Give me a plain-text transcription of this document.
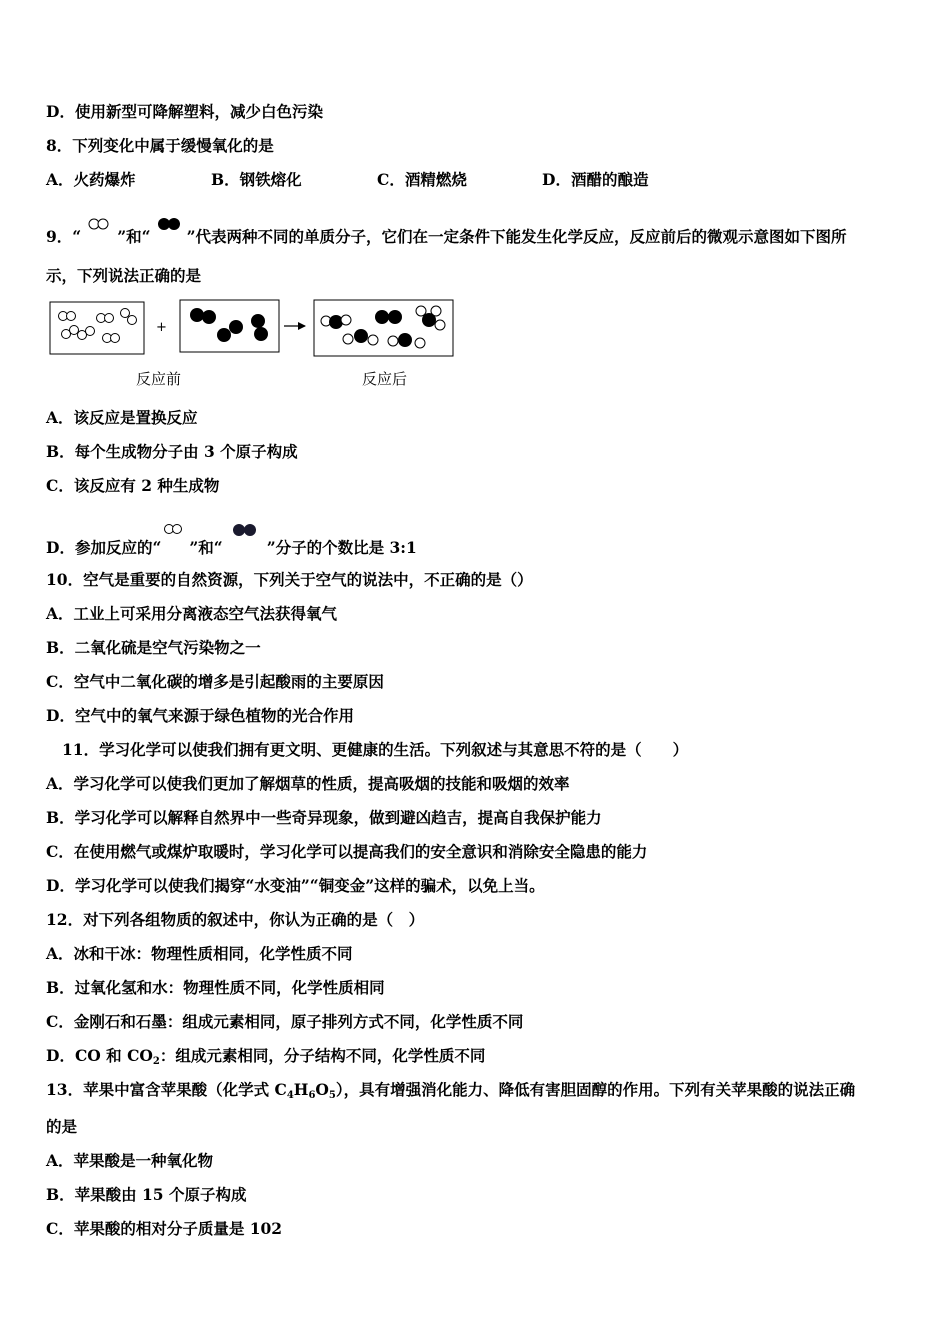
D．使用新型可降解塑料，减少白色污染
8．下列变化中属于缓慢氧化的是
A．火药爆炸	B．钢铁熔化	C．酒精燃烧	D．酒醋的酿造
9．“ ”和“ ”代表两种不同的单质分子，它们在一定条件下能发生化学反应，反应前后的微观示意图如下图所
示，下列说法正确的是
+
反应前	反应后
A．该反应是置换反应
B．每个生成物分子由 3 个原子构成
C．该反应有 2 种生成物
D．参加反应的“ ”和“	”分子的个数比是 3:1
10．空气是重要的自然资源，下列关于空气的说法中，不正确的是（）
A．工业上可采用分离液态空气法获得氧气
B．二氧化硫是空气污染物之一
C．空气中二氧化碳的增多是引起酸雨的主要原因
D．空气中的氧气来源于绿色植物的光合作用
11．学习化学可以使我们拥有更文明、更健康的生活。下列叙述与其意思不符的是（　　）
A．学习化学可以使我们更加了解烟草的性质，提高吸烟的技能和吸烟的效率
B．学习化学可以解释自然界中一些奇异现象，做到避凶趋吉，提高自我保护能力
C．在使用燃气或煤炉取暖时，学习化学可以提高我们的安全意识和消除安全隐患的能力
D．学习化学可以使我们揭穿“水变油”“铜变金”这样的骗术，以免上当。
12．对下列各组物质的叙述中，你认为正确的是（　）
A．冰和干冰：物理性质相同，化学性质不同
B．过氧化氢和水：物理性质不同，化学性质相同
C．金刚石和石墨：组成元素相同，原子排列方式不同，化学性质不同
D．CO 和 $CO_2$：组成元素相同，分子结构不同，化学性质不同
13．苹果中富含苹果酸（化学式 $C_4H_6O_5$），具有增强消化能力、降低有害胆固醇的作用。下列有关苹果酸的说法正确
的是
A．苹果酸是一种氧化物
B．苹果酸由 15 个原子构成
C．苹果酸的相对分子质量是 102
